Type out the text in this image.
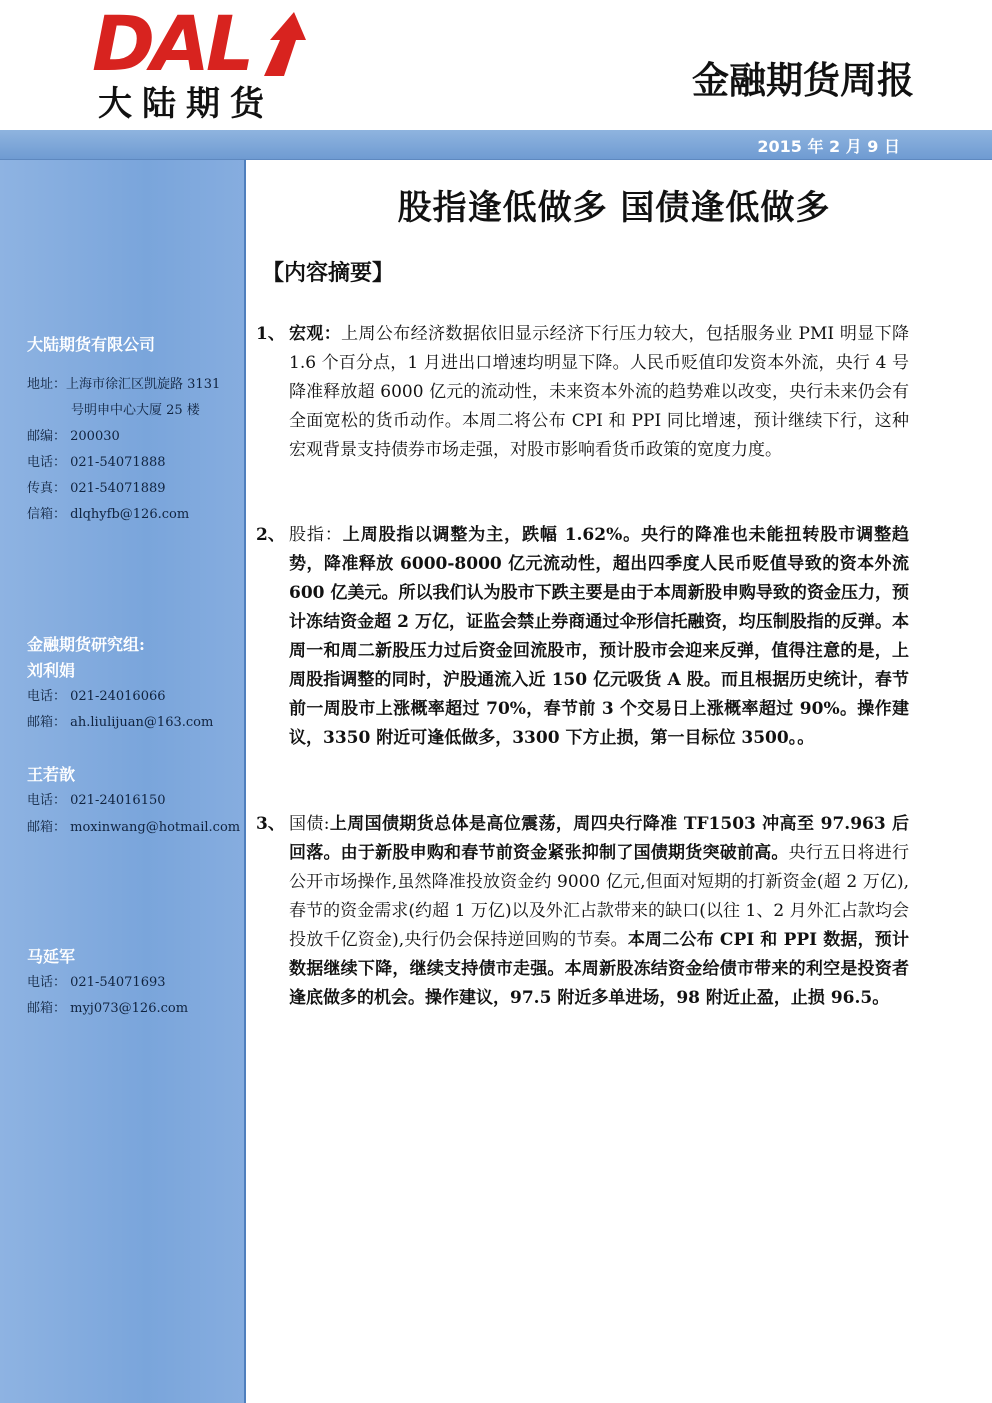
DAL
大陆期货
金融期货周报
2015 年 2 月 9 日
大陆期货有限公司
地址：上海市徐汇区凯旋路 3131
号明申中心大厦 25 楼
邮编： 200030
电话： 021-54071888
传真： 021-54071889
信箱： dlqhyfb@126.com
金融期货研究组:
刘利娟
电话： 021-24016066
邮箱： ah.liulijuan@163.com
王若歆
电话： 021-24016150
邮箱： moxinwang@hotmail.com
马延军
电话： 021-54071693
邮箱： myj073@126.com
股指逢低做多 国债逢低做多
【内容摘要】
1、 宏观：上周公布经济数据依旧显示经济下行压力较大，包括服务业 PMI 明显下降 1.6 个百分点，1 月进出口增速均明显下降。人民币贬值印发资本外流，央行 4 号降准释放超 6000 亿元的流动性，未来资本外流的趋势难以改变，央行未来仍会有全面宽松的货币动作。本周二将公布 CPI 和 PPI 同比增速，预计继续下行，这种宏观背景支持债券市场走强，对股市影响看货币政策的宽度力度。
2、 股指：上周股指以调整为主，跌幅 1.62%。央行的降准也未能扭转股市调整趋势，降准释放 6000-8000 亿元流动性，超出四季度人民币贬值导致的资本外流 600 亿美元。所以我们认为股市下跌主要是由于本周新股申购导致的资金压力，预计冻结资金超 2 万亿，证监会禁止券商通过伞形信托融资，均压制股指的反弹。本周一和周二新股压力过后资金回流股市，预计股市会迎来反弹，值得注意的是，上周股指调整的同时，沪股通流入近 150 亿元吸货 A 股。而且根据历史统计，春节前一周股市上涨概率超过 70%，春节前 3 个交易日上涨概率超过 90%。操作建议，3350 附近可逢低做多，3300 下方止损，第一目标位 3500。。
3、 国债:上周国债期货总体是高位震荡，周四央行降准 TF1503 冲高至 97.963 后回落。由于新股申购和春节前资金紧张抑制了国债期货突破前高。央行五日将进行公开市场操作,虽然降准投放资金约 9000 亿元,但面对短期的打新资金(超 2 万亿),春节的资金需求(约超 1 万亿)以及外汇占款带来的缺口(以往 1、2 月外汇占款均会投放千亿资金),央行仍会保持逆回购的节奏。本周二公布 CPI 和 PPI 数据，预计数据继续下降，继续支持债市走强。本周新股冻结资金给债市带来的利空是投资者逢底做多的机会。操作建议，97.5 附近多单进场，98 附近止盈，止损 96.5。
